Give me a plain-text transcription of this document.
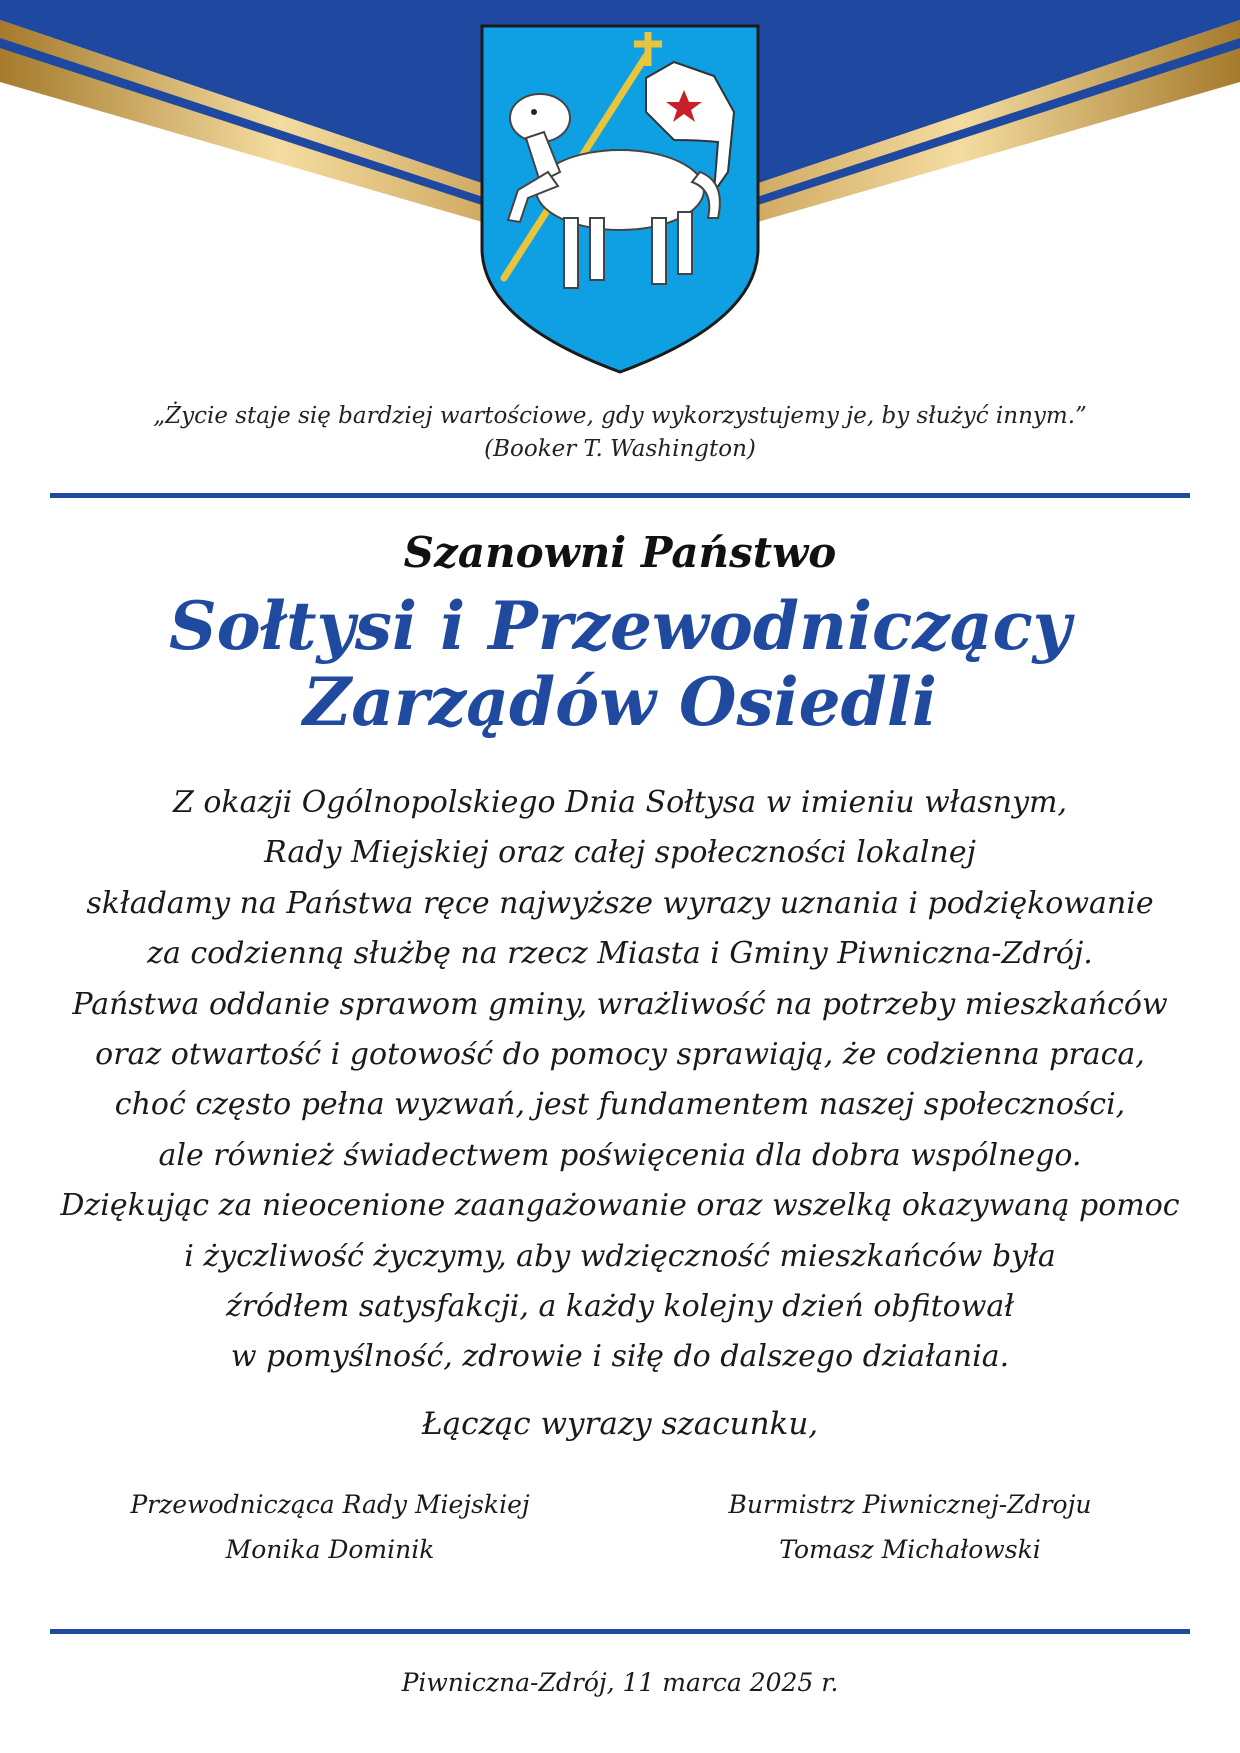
„Życie staje się bardziej wartościowe, gdy wykorzystujemy je, by służyć innym.”
(Booker T. Washington)
Szanowni Państwo
Sołtysi i Przewodniczący
Zarządów Osiedli
Z okazji Ogólnopolskiego Dnia Sołtysa w imieniu własnym,
Rady Miejskiej oraz całej społeczności lokalnej
składamy na Państwa ręce najwyższe wyrazy uznania i podziękowanie
za codzienną służbę na rzecz Miasta i Gminy Piwniczna-Zdrój.
Państwa oddanie sprawom gminy, wrażliwość na potrzeby mieszkańców
oraz otwartość i gotowość do pomocy sprawiają, że codzienna praca,
choć często pełna wyzwań, jest fundamentem naszej społeczności,
ale również świadectwem poświęcenia dla dobra wspólnego.
Dziękując za nieocenione zaangażowanie oraz wszelką okazywaną pomoc
i życzliwość życzymy, aby wdzięczność mieszkańców była
źródłem satysfakcji, a każdy kolejny dzień obfitował
w pomyślność, zdrowie i siłę do dalszego działania.
Łącząc wyrazy szacunku,
Przewodnicząca Rady Miejskiej
Monika Dominik
Burmistrz Piwnicznej-Zdroju
Tomasz Michałowski
Piwniczna-Zdrój, 11 marca 2025 r.
